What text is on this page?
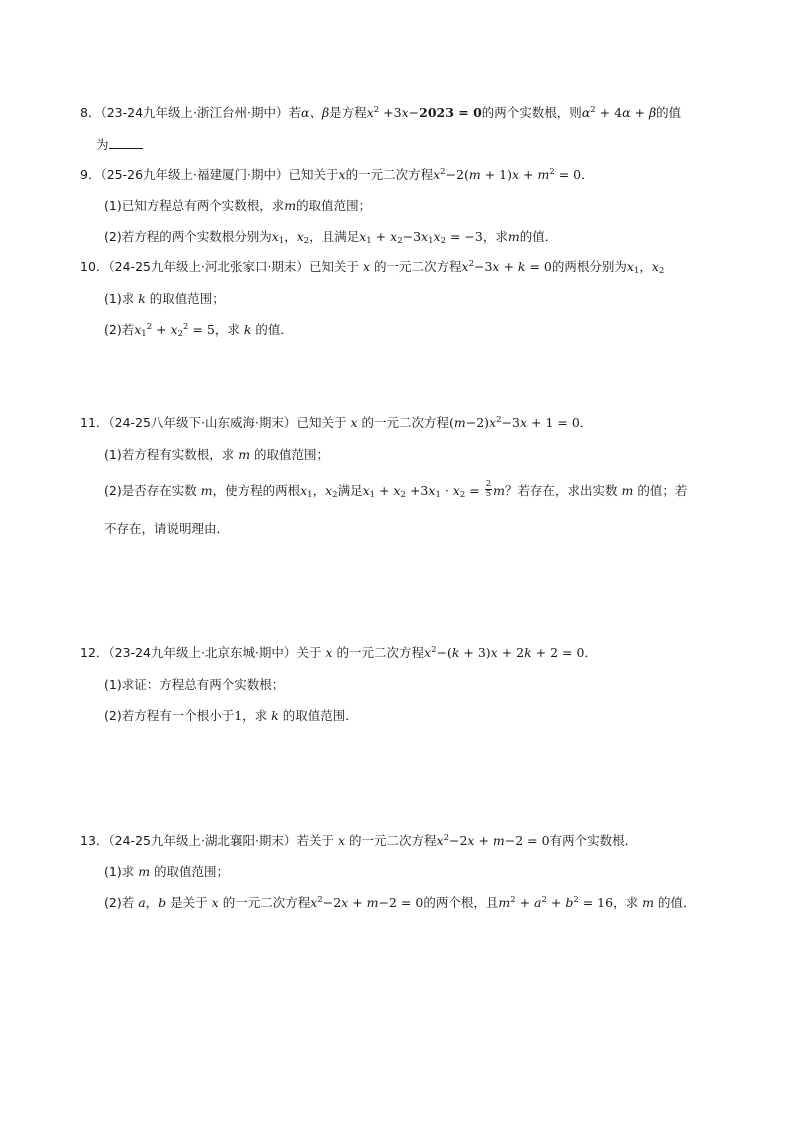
8．（23-24九年级上·浙江台州·期中）若α、β是方程$x^2 +3x-2023 = 0$的两个实数根，则$\alpha^2 + 4\alpha + \beta$的值
为
9．（25-26九年级上·福建厦门·期中）已知关于x的一元二次方程$x^2-2(m + 1)x + m^2 = 0$．
(1)已知方程总有两个实数根，求m的取值范围；
(2)若方程的两个实数根分别为$x_1$，$x_2$，且满足$x_1 + x_2-3x_1x_2 = -3$，求m的值．
10．（24-25九年级上·河北张家口·期末）已知关于 x 的一元二次方程$x^2-3x + k = 0$的两根分别为$x_1$，$x_2$
(1)求 k 的取值范围；
(2)若$x_1^2 + x_2^2 = 5$，求 k 的值．
11．（24-25八年级下·山东威海·期末）已知关于 x 的一元二次方程$(m-2)x^2-3x + 1 = 0$．
(1)若方程有实数根，求 m 的取值范围；
(2)是否存在实数 m，使方程的两根$x_1$，$x_2$满足$x_1 + x_2 +3x_1 \cdot x_2 = \frac{2}{5}$ m？若存在，求出实数 m 的值；若
不存在，请说明理由．
12．（23-24九年级上·北京东城·期中）关于 x 的一元二次方程$x^2-(k + 3)x + 2k + 2 = 0$．
(1)求证：方程总有两个实数根；
(2)若方程有一个根小于1，求 k 的取值范围．
13．（24-25九年级上·湖北襄阳·期末）若关于 x 的一元二次方程$x^2-2x + m-2 = 0$有两个实数根．
(1)求 m 的取值范围；
(2)若 a，b 是关于 x 的一元二次方程$x^2-2x + m-2 = 0$的两个根，且$m^2 + a^2 + b^2 = 16$，求 m 的值．
